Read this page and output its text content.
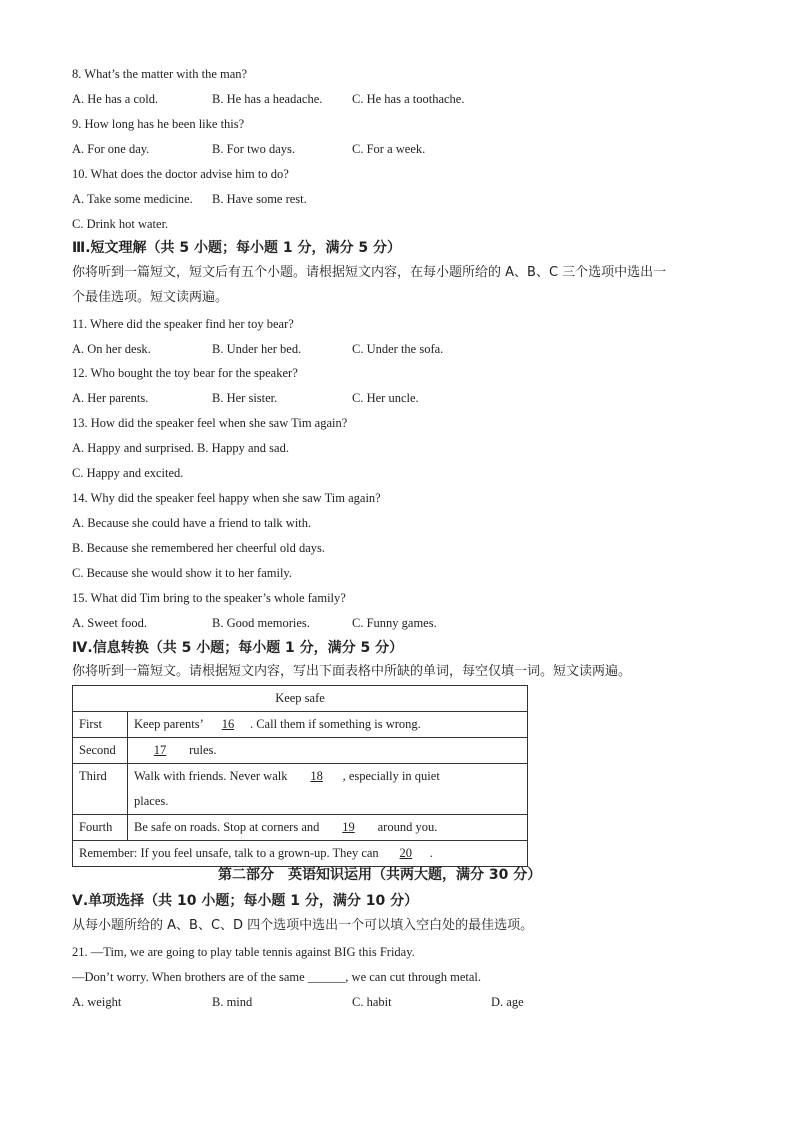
8. What’s the matter with the man?
A. He has a cold.	B. He has a headache. C. He has a toothache.
9. How long has he been like this?
A. For one day.	B. For two days.	C. For a week.
10. What does the doctor advise him to do?
A. Take some medicine. B. Have some rest.
C. Drink hot water.
Ⅲ.短文理解（共 5 小题；每小题 1 分，满分 5 分）
你将听到一篇短文，短文后有五个小题。请根据短文内容，在每小题所给的 A、B、C 三个选项中选出一
个最佳选项。短文读两遍。
11. Where did the speaker find her toy bear?
A. On her desk.	B. Under her bed.	C. Under the sofa.
12. Who bought the toy bear for the speaker?
A. Her parents.	B. Her sister.	C. Her uncle.
13. How did the speaker feel when she saw Tim again?
A. Happy and surprised. B. Happy and sad.
C. Happy and excited.
14. Why did the speaker feel happy when she saw Tim again?
A. Because she could have a friend to talk with.
B. Because she remembered her cheerful old days.
C. Because she would show it to her family.
15. What did Tim bring to the speaker’s whole family?
A. Sweet food.	B. Good memories.	C. Funny games.
Ⅳ.信息转换（共 5 小题；每小题 1 分，满分 5 分）
你将听到一篇短文。请根据短文内容，写出下面表格中所缺的单词，每空仅填一词。短文读两遍。
Keep safe	
First	Keep parents’ 16 . Call them if something is wrong.
Second	17 rules.
Third	Walk with friends. Never walk 18 , especially in quiet
places.
Fourth	Be safe on roads. Stop at corners and 19 around you.
Remember: If you feel unsafe, talk to a grown-up. They can 20 .	
第二部分　英语知识运用（共两大题，满分 30 分）
Ⅴ.单项选择（共 10 小题；每小题 1 分，满分 10 分）
从每小题所给的 A、B、C、D 四个选项中选出一个可以填入空白处的最佳选项。
21. —Tim, we are going to play table tennis against BIG this Friday.
—Don’t worry. When brothers are of the same ______, we can cut through metal.
A. weight	B. mind	C. habit	D. age
